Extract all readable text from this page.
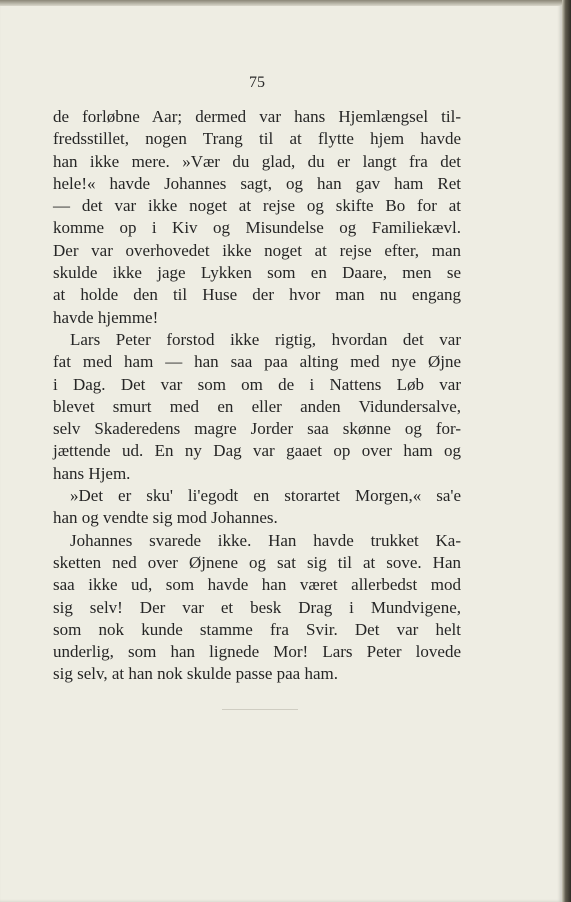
75
de forløbne Aar; dermed var hans Hjemlængsel til-
fredsstillet, nogen Trang til at flytte hjem havde
han ikke mere. »Vær du glad, du er langt fra det
hele!« havde Johannes sagt, og han gav ham Ret
— det var ikke noget at rejse og skifte Bo for at
komme op i Kiv og Misundelse og Familiekævl.
Der var overhovedet ikke noget at rejse efter, man
skulde ikke jage Lykken som en Daare, men se
at holde den til Huse der hvor man nu engang
havde hjemme!
Lars Peter forstod ikke rigtig, hvordan det var
fat med ham — han saa paa alting med nye Øjne
i Dag. Det var som om de i Nattens Løb var
blevet smurt med en eller anden Vidundersalve,
selv Skaderedens magre Jorder saa skønne og for-
jættende ud. En ny Dag var gaaet op over ham og
hans Hjem.
»Det er sku' li'egodt en storartet Morgen,« sa'e
han og vendte sig mod Johannes.
Johannes svarede ikke. Han havde trukket Ka-
sketten ned over Øjnene og sat sig til at sove. Han
saa ikke ud, som havde han været allerbedst mod
sig selv! Der var et besk Drag i Mundvigene,
som nok kunde stamme fra Svir. Det var helt
underlig, som han lignede Mor! Lars Peter lovede
sig selv, at han nok skulde passe paa ham.
